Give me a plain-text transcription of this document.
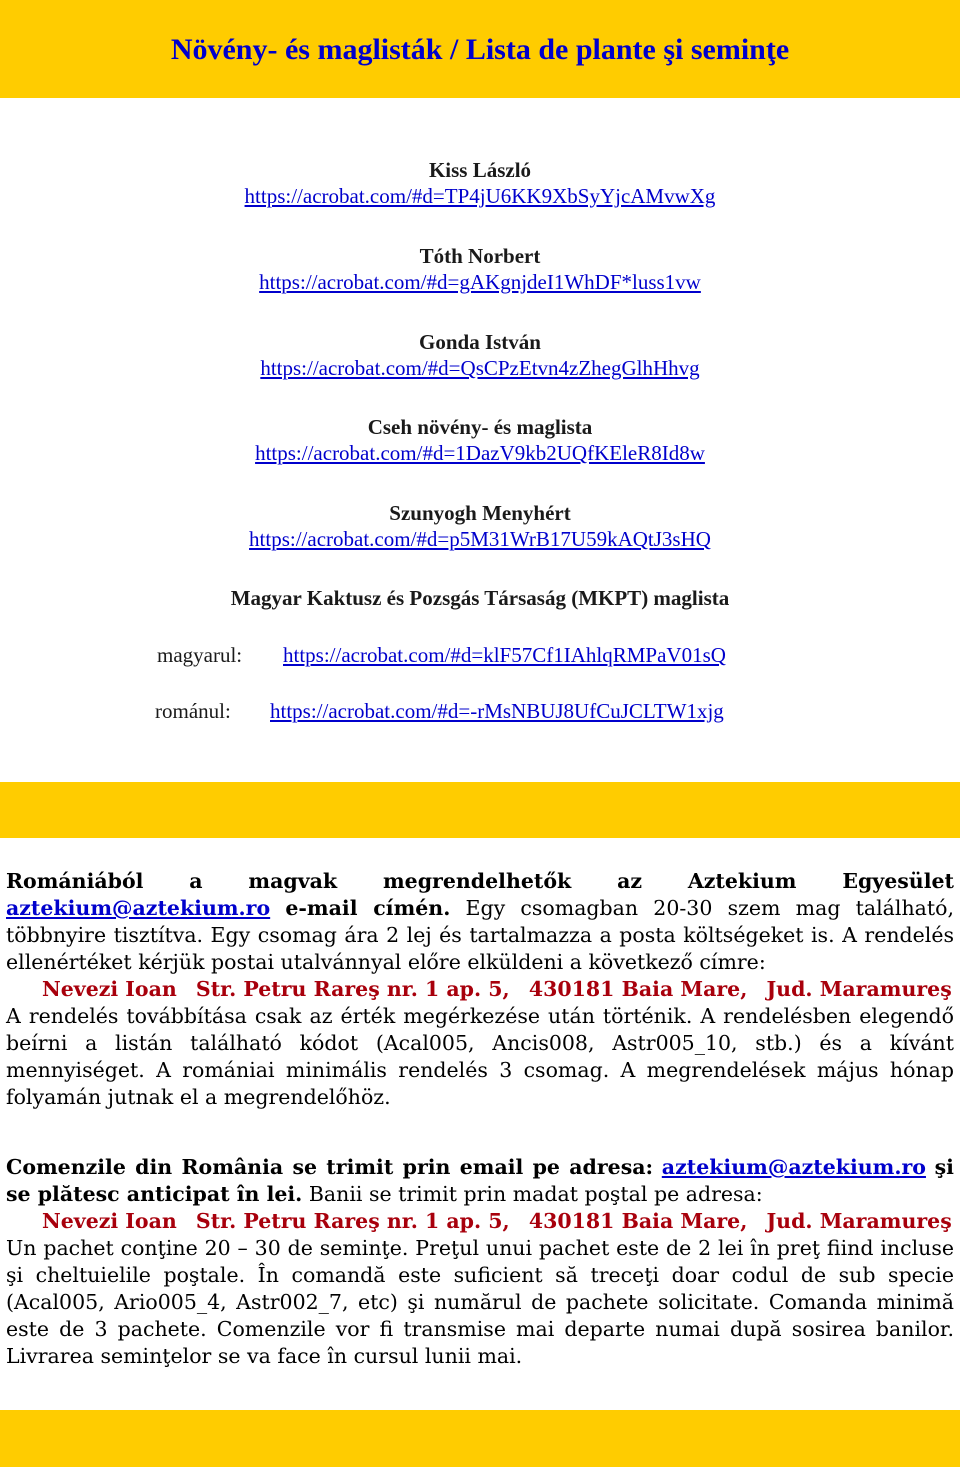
Növény- és maglisták / Lista de plante şi seminţe
Kiss László
https://acrobat.com/#d=TP4jU6KK9XbSyYjcAMvwXg
Tóth Norbert
https://acrobat.com/#d=gAKgnjdeI1WhDF*luss1vw
Gonda István
https://acrobat.com/#d=QsCPzEtvn4zZhegGlhHhvg
Cseh növény- és maglista
https://acrobat.com/#d=1DazV9kb2UQfKEleR8Id8w
Szunyogh Menyhért
https://acrobat.com/#d=p5M31WrB17U59kAQtJ3sHQ
Magyar Kaktusz és Pozsgás Társaság (MKPT) maglista
magyarul: https://acrobat.com/#d=klF57Cf1IAhlqRMPaV01sQ
románul: https://acrobat.com/#d=-rMsNBUJ8UfCuJCLTW1xjg
Romániából a magvak megrendelhetők az Aztekium Egyesület aztekium@aztekium.ro e-mail címén. Egy csomagban 20-30 szem mag található, többnyire tisztítva. Egy csomag ára 2 lej és tartalmazza a posta költségeket is. A rendelés ellenértéket kérjük postai utalvánnyal előre elküldeni a következő címre:
Nevezi Ioan Str. Petru Rareş nr. 1 ap. 5, 430181 Baia Mare, Jud. Maramureş
A rendelés továbbítása csak az érték megérkezése után történik. A rendelésben elegendő beírni a listán található kódot (Acal005, Ancis008, Astr005_10, stb.) és a kívánt mennyiséget. A romániai minimális rendelés 3 csomag. A megrendelések május hónap folyamán jutnak el a megrendelőhöz.
Comenzile din România se trimit prin email pe adresa: aztekium@aztekium.ro şi se plătesc anticipat în lei. Banii se trimit prin madat poştal pe adresa:
Nevezi Ioan Str. Petru Rareş nr. 1 ap. 5, 430181 Baia Mare, Jud. Maramureş
Un pachet conţine 20 – 30 de seminţe. Preţul unui pachet este de 2 lei în preţ fiind incluse şi cheltuielile poştale. În comandă este suficient să treceţi doar codul de sub specie (Acal005, Ario005_4, Astr002_7, etc) şi numărul de pachete solicitate. Comanda minimă este de 3 pachete. Comenzile vor fi transmise mai departe numai după sosirea banilor. Livrarea seminţelor se va face în cursul lunii mai.
